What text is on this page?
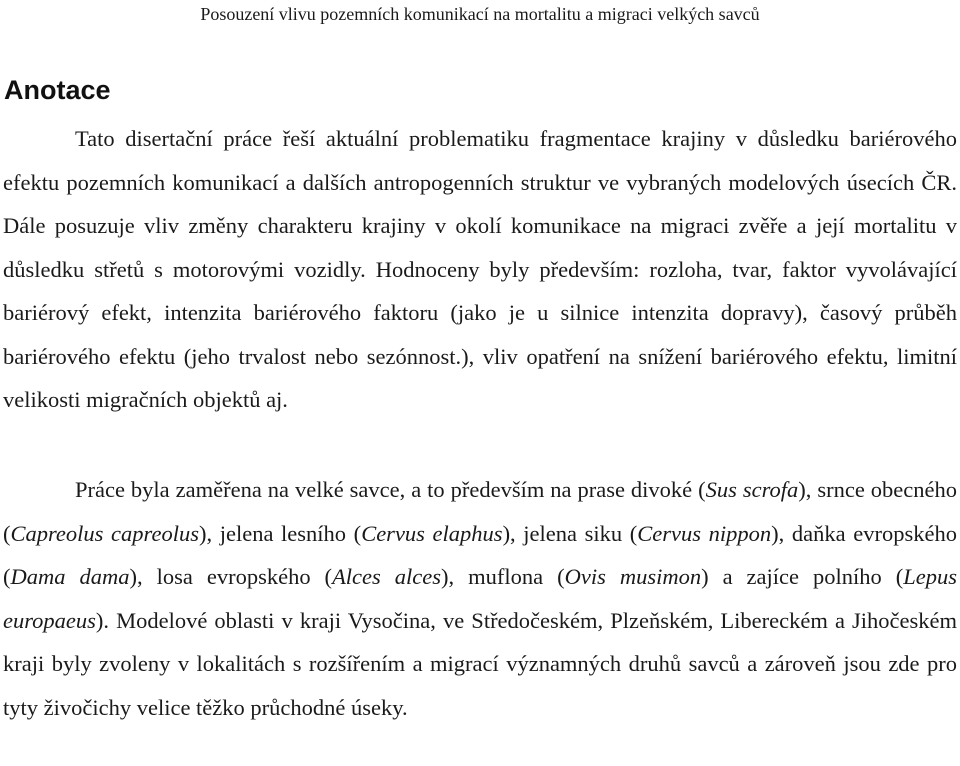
Posouzení vlivu pozemních komunikací na mortalitu a migraci velkých savců
Anotace

Tato disertační práce řeší aktuální problematiku fragmentace krajiny v důsledku bariérového efektu pozemních komunikací a dalších antropogenních struktur ve vybraných modelových úsecích ČR. Dále posuzuje vliv změny charakteru krajiny v okolí komunikace na migraci zvěře a její mortalitu v důsledku střetů s motorovými vozidly. Hodnoceny byly především: rozloha, tvar, faktor vyvolávající bariérový efekt, intenzita bariérového faktoru (jako je u silnice intenzita dopravy), časový průběh bariérového efektu (jeho trvalost nebo sezónnost.), vliv opatření na snížení bariérového efektu, limitní velikosti migračních objektů aj.

Práce byla zaměřena na velké savce, a to především na prase divoké (Sus scrofa), srnce obecného (Capreolus capreolus), jelena lesního (Cervus elaphus), jelena siku (Cervus nippon), daňka evropského (Dama dama), losa evropského (Alces alces), muflona (Ovis musimon) a zajíce polního (Lepus europaeus). Modelové oblasti v kraji Vysočina, ve Středočeském, Plzeňském, Libereckém a Jihočeském kraji byly zvoleny v lokalitách s rozšířením a migrací významných druhů savců a zároveň jsou zde pro tyty živočichy velice těžko průchodné úseky.
